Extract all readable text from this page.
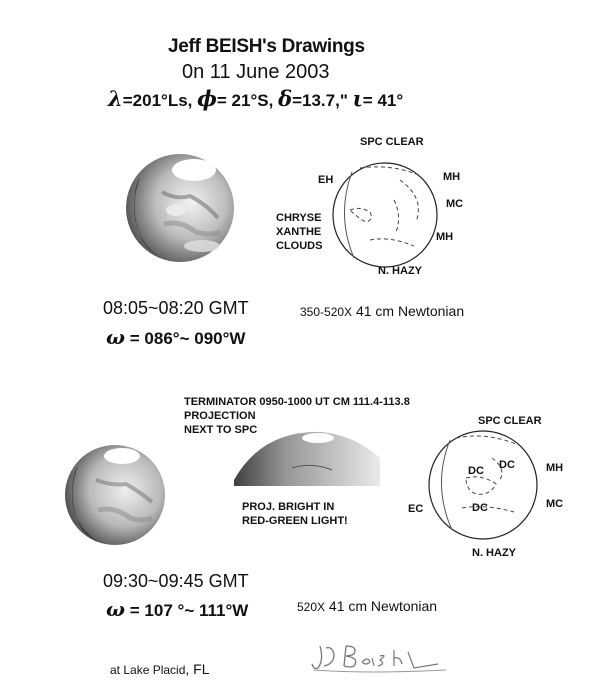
Jeff BEISH's Drawings
0n 11 June 2003
λ=201°Ls, ϕ= 21°S, δ=13.7," ι= 41°
SPC CLEAR
EH	MH
MC
MH
CHRYSE
XANTHE
CLOUDS
N. HAZY
08:05~08:20 GMT
ω = 086°~ 090°W
350-520X 41 cm Newtonian
TERMINATOR 0950-1000 UT CM 111.4-113.8
PROJECTION
NEXT TO SPC
PROJ. BRIGHT IN
RED-GREEN LIGHT!
SPC CLEAR
DC DC
DC
MH
MC
EC
N. HAZY
09:30~09:45 GMT
ω = 107 °~ 111°W	520X 41 cm Newtonian
at Lake Placid, FL
